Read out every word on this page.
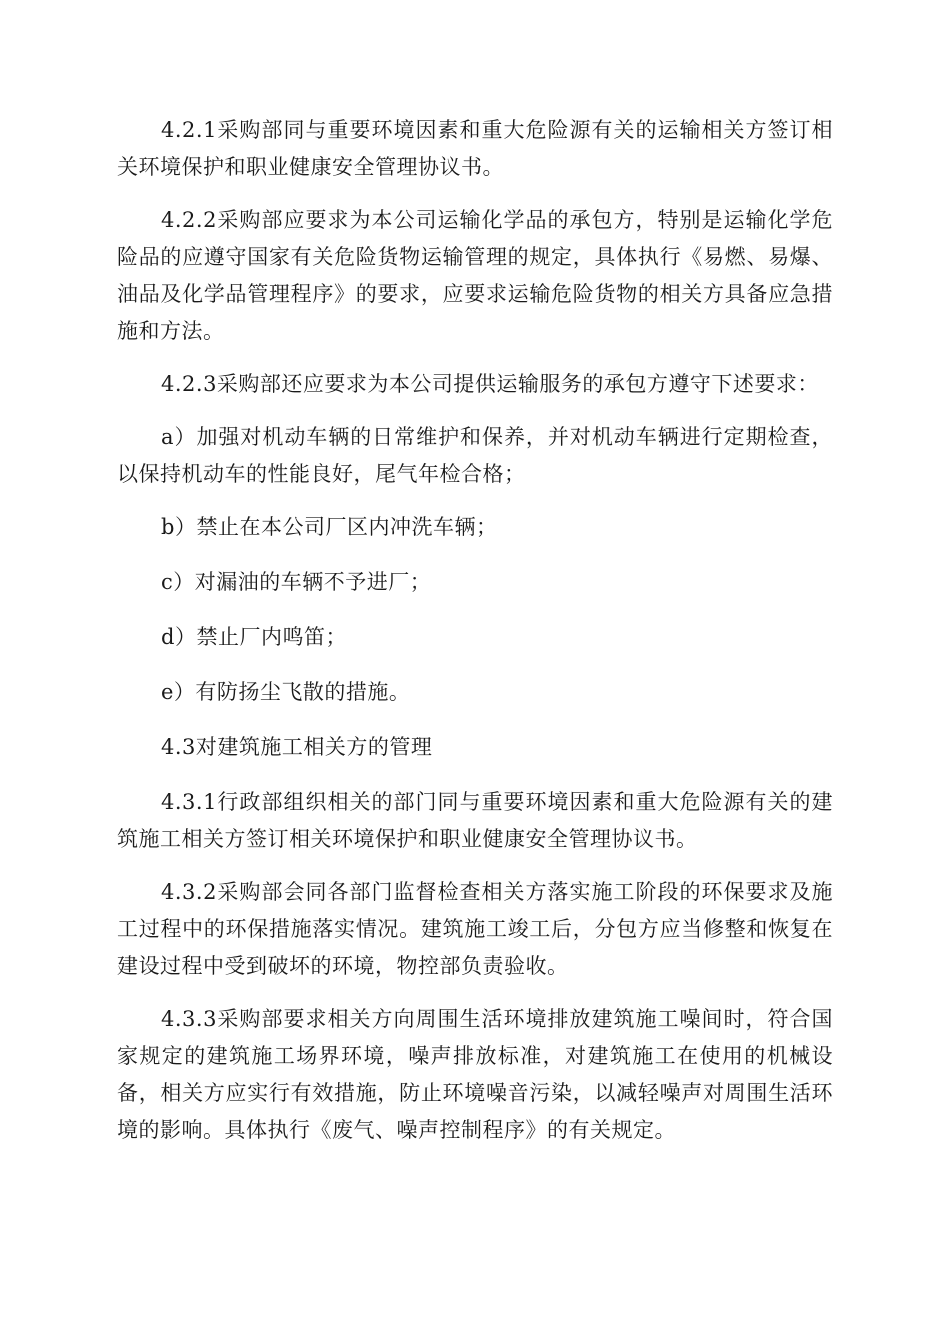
4.2.1采购部同与重要环境因素和重大危险源有关的运输相关方签订相关环境保护和职业健康安全管理协议书。

4.2.2采购部应要求为本公司运输化学品的承包方，特别是运输化学危险品的应遵守国家有关危险货物运输管理的规定，具体执行《易燃、易爆、油品及化学品管理程序》的要求，应要求运输危险货物的相关方具备应急措施和方法。

4.2.3采购部还应要求为本公司提供运输服务的承包方遵守下述要求：

a）加强对机动车辆的日常维护和保养，并对机动车辆进行定期检查，以保持机动车的性能良好，尾气年检合格；

b）禁止在本公司厂区内冲洗车辆；

c）对漏油的车辆不予进厂；

d）禁止厂内鸣笛；

e）有防扬尘飞散的措施。

4.3对建筑施工相关方的管理

4.3.1行政部组织相关的部门同与重要环境因素和重大危险源有关的建筑施工相关方签订相关环境保护和职业健康安全管理协议书。

4.3.2采购部会同各部门监督检查相关方落实施工阶段的环保要求及施工过程中的环保措施落实情况。建筑施工竣工后，分包方应当修整和恢复在建设过程中受到破坏的环境，物控部负责验收。

4.3.3采购部要求相关方向周围生活环境排放建筑施工噪间时，符合国家规定的建筑施工场界环境，噪声排放标准，对建筑施工在使用的机械设备，相关方应实行有效措施，防止环境噪音污染，以减轻噪声对周围生活环境的影响。具体执行《废气、噪声控制程序》的有关规定。
